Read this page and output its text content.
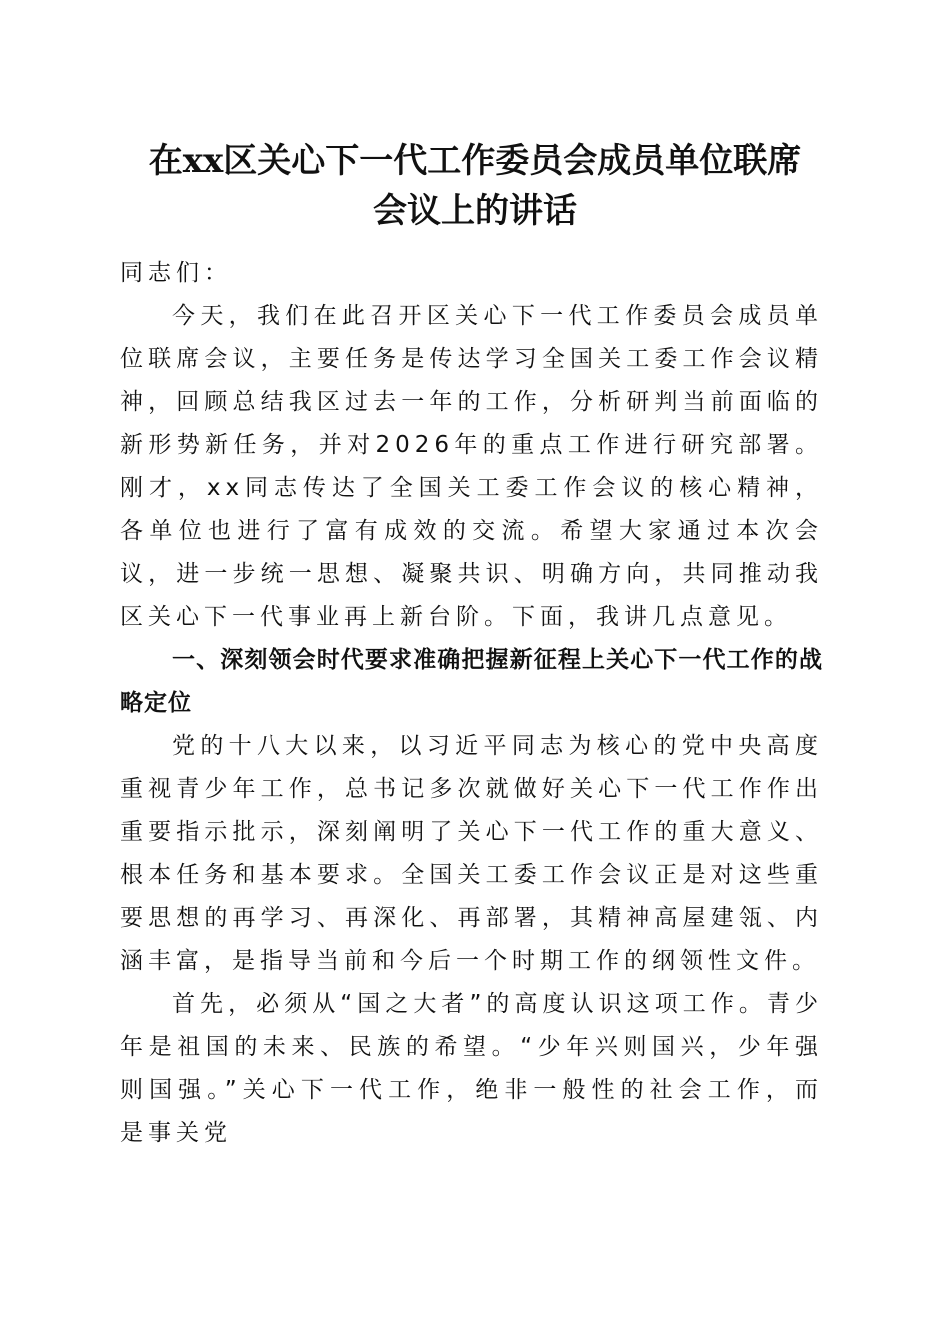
在xx区关心下一代工作委员会成员单位联席
会议上的讲话

同志们：

今天，我们在此召开区关心下一代工作委员会成员单位联席会议，主要任务是传达学习全国关工委工作会议精神，回顾总结我区过去一年的工作，分析研判当前面临的新形势新任务，并对2026年的重点工作进行研究部署。刚才，xx同志传达了全国关工委工作会议的核心精神，各单位也进行了富有成效的交流。希望大家通过本次会议，进一步统一思想、凝聚共识、明确方向，共同推动我区关心下一代事业再上新台阶。下面，我讲几点意见。

一、深刻领会时代要求准确把握新征程上关心下一代工作的战略定位

党的十八大以来，以习近平同志为核心的党中央高度重视青少年工作，总书记多次就做好关心下一代工作作出重要指示批示，深刻阐明了关心下一代工作的重大意义、根本任务和基本要求。全国关工委工作会议正是对这些重要思想的再学习、再深化、再部署，其精神高屋建瓴、内涵丰富，是指导当前和今后一个时期工作的纲领性文件。

首先，必须从“国之大者”的高度认识这项工作。青少年是祖国的未来、民族的希望。“少年兴则国兴，少年强则国强。”关心下一代工作，绝非一般性的社会工作，而是事关党
